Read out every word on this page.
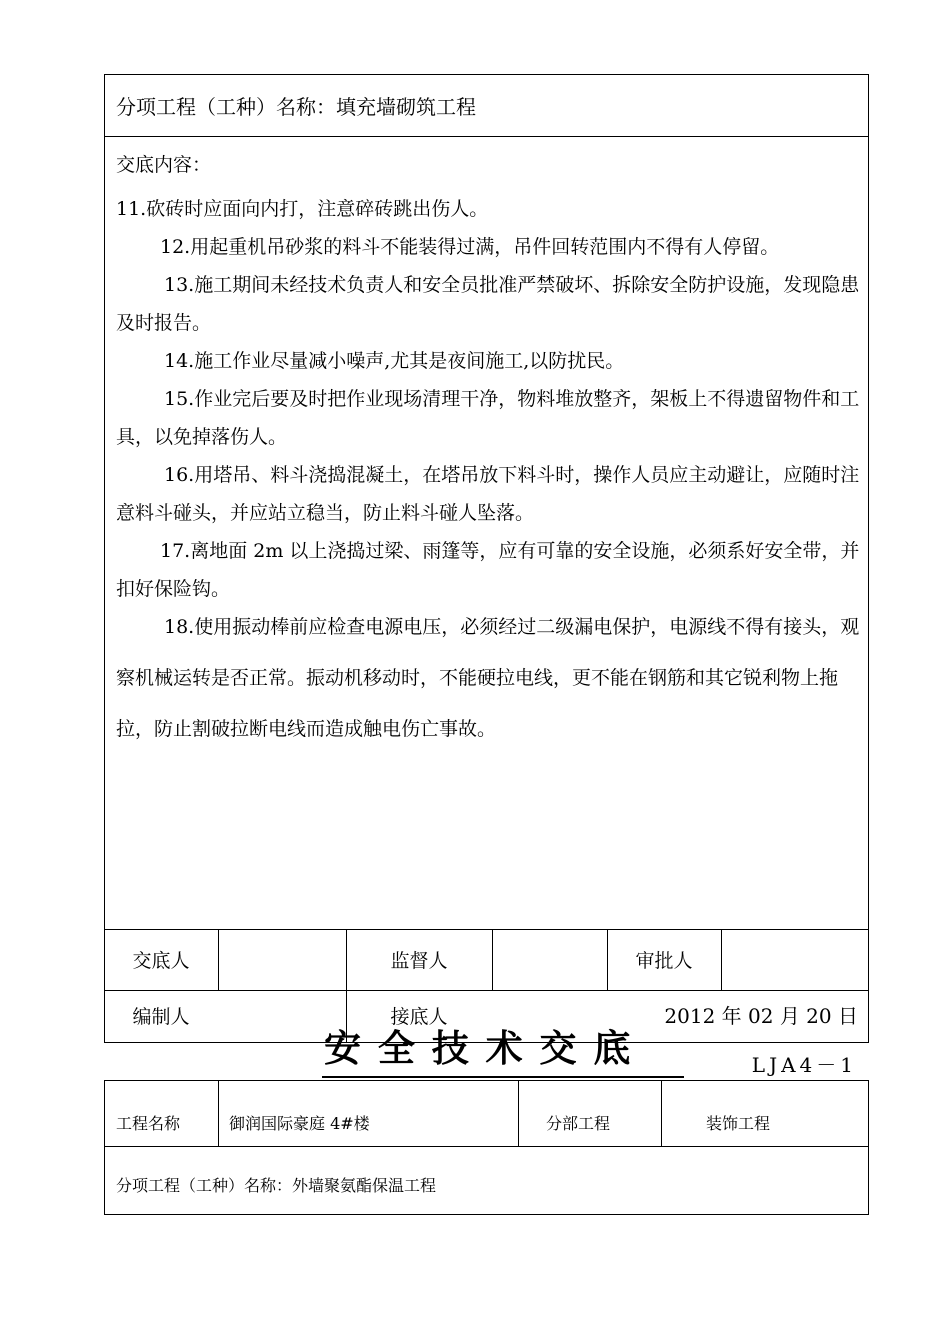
分项工程（工种）名称：填充墙砌筑工程
交底内容：

11.砍砖时应面向内打，注意碎砖跳出伤人。

12.用起重机吊砂浆的料斗不能装得过满，吊件回转范围内不得有人停留。

13.施工期间未经技术负责人和安全员批准严禁破坏、拆除安全防护设施，发现隐患及时报告。

14.施工作业尽量减小噪声,尤其是夜间施工,以防扰民。

15.作业完后要及时把作业现场清理干净，物料堆放整齐，架板上不得遗留物件和工具，以免掉落伤人。

16.用塔吊、料斗浇捣混凝土，在塔吊放下料斗时，操作人员应主动避让，应随时注意料斗碰头，并应站立稳当，防止料斗碰人坠落。

17.离地面 2m 以上浇捣过梁、雨篷等，应有可靠的安全设施，必须系好安全带，并扣好保险钩。

18.使用振动棒前应检查电源电压，必须经过二级漏电保护，电源线不得有接头，观察机械运转是否正常。振动机移动时，不能硬拉电线，更不能在钢筋和其它锐利物上拖拉，防止割破拉断电线而造成触电伤亡事故。

交底人	监督人	审批人
编制人	接底人	2012 年 02 月 20 日
安 全 技 术 交 底	LJA4－1
工程名称	御润国际豪庭 4#楼	分部工程	装饰工程
分项工程（工种）名称：外墙聚氨酯保温工程
